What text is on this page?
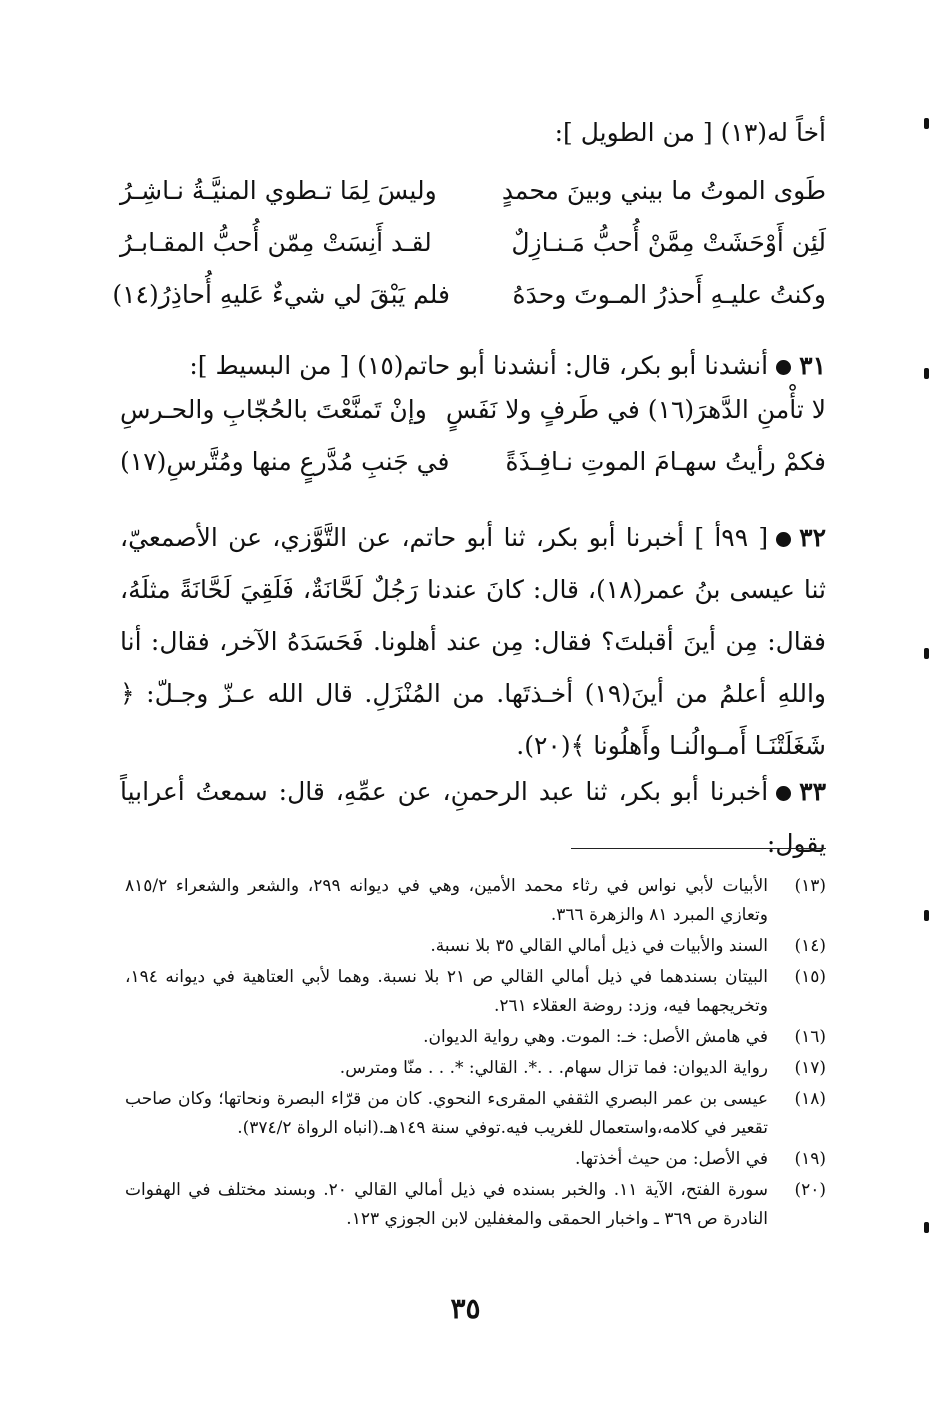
أخاً له(١٣) [ من الطويل ]:
طَوى الموتُ ما بيني وبينَ محمدٍ
وليسَ لِمَا تـطوي المنيَّـةُ نـاشِـرُ
لَئِن أَوْحَشَتْ مِمَّنْ أُحبُّ مَـنـازِلٌ
لقـد أَنِسَتْ مِمّن أُحبُّ المقـابـرُ
وكنتُ عليـهِ أَحذرُ المـوتَ وحدَهُ
فلم يَبْقَ لي شيءٌ عَليهِ أُحاذِرُ(١٤)
٣١أنشدنا أبو بكر، قال: أنشدنا أبو حاتم(١٥) [ من البسيط ]:
لا تأْمنِ الدَّهرَ(١٦) في طَرفٍ ولا نَفَسٍ
وإنْ تَمنَّعْتَ بالحُجّابِ والحـرسِ
فكمْ رأيتُ سهـامَ الموتِ نـافِـذَةً
في جَنبِ مُدَّرعٍ منها ومُتَّرسِ(١٧)
٣٢[ ٩٩أ ] أخبرنا أبو بكر، ثنا أبو حاتم، عن التَّوَّزي، عن الأصمعيّ، ثنا عيسى بنُ عمر(١٨)، قال: كانَ عندنا رَجُلٌ لَحَّانَةٌ، فَلَقِيَ لَحَّانَةً مثلَهُ، فقال: مِن أينَ أقبلتَ؟ فقال: مِن عند أهلونا. فَحَسَدَهُ الآخر، فقال: أنا واللهِ أعلمُ من أينَ(١٩) أخـذتَها. من المُنْزَلِ. قال الله عـزّ وجـلّ: ﴿ شَغَلَتْنَـا أَمـوالُنـا وأَهلُونا ﴾(٢٠).
٣٣أخبرنا أبو بكر، ثنا عبد الرحمنِ، عن عمِّهِ، قال: سمعتُ أعرابياً يقول:
(١٣)
الأبيات لأبي نواس في رثاء محمد الأمين، وهي في ديوانه ٢٩٩، والشعر والشعراء ٨١٥/٢ وتعازي المبرد ٨١ والزهرة ٣٦٦.
(١٤)
السند والأبيات في ذيل أمالي القالي ٣٥ بلا نسبة.
(١٥)
البيتان بسندهما في ذيل أمالي القالي ص ٢١ بلا نسبة. وهما لأبي العتاهية في ديوانه ١٩٤، وتخريجهما فيه، وزد: روضة العقلاء ٢٦١.
(١٦)
في هامش الأصل: خـ: الموت. وهي رواية الديوان.
(١٧)
رواية الديوان: فما تزال سهام. . .*. القالي: *. . . منّا ومترس.
(١٨)
عيسى بن عمر البصري الثقفي المقرىء النحوي. كان من قرّاء البصرة ونحاتها؛ وكان صاحب تقعير في كلامه،واستعمال للغريب فيه.توفي سنة ١٤٩هـ.(انباه الرواة ٣٧٤/٢).
(١٩)
في الأصل: من حيث أخذتها.
(٢٠)
سورة الفتح، الآية ١١. والخبر بسنده في ذيل أمالي القالي ٢٠. وبسند مختلف في الهفوات النادرة ص ٣٦٩ ـ واخبار الحمقى والمغفلين لابن الجوزي ١٢٣.
٣٥
